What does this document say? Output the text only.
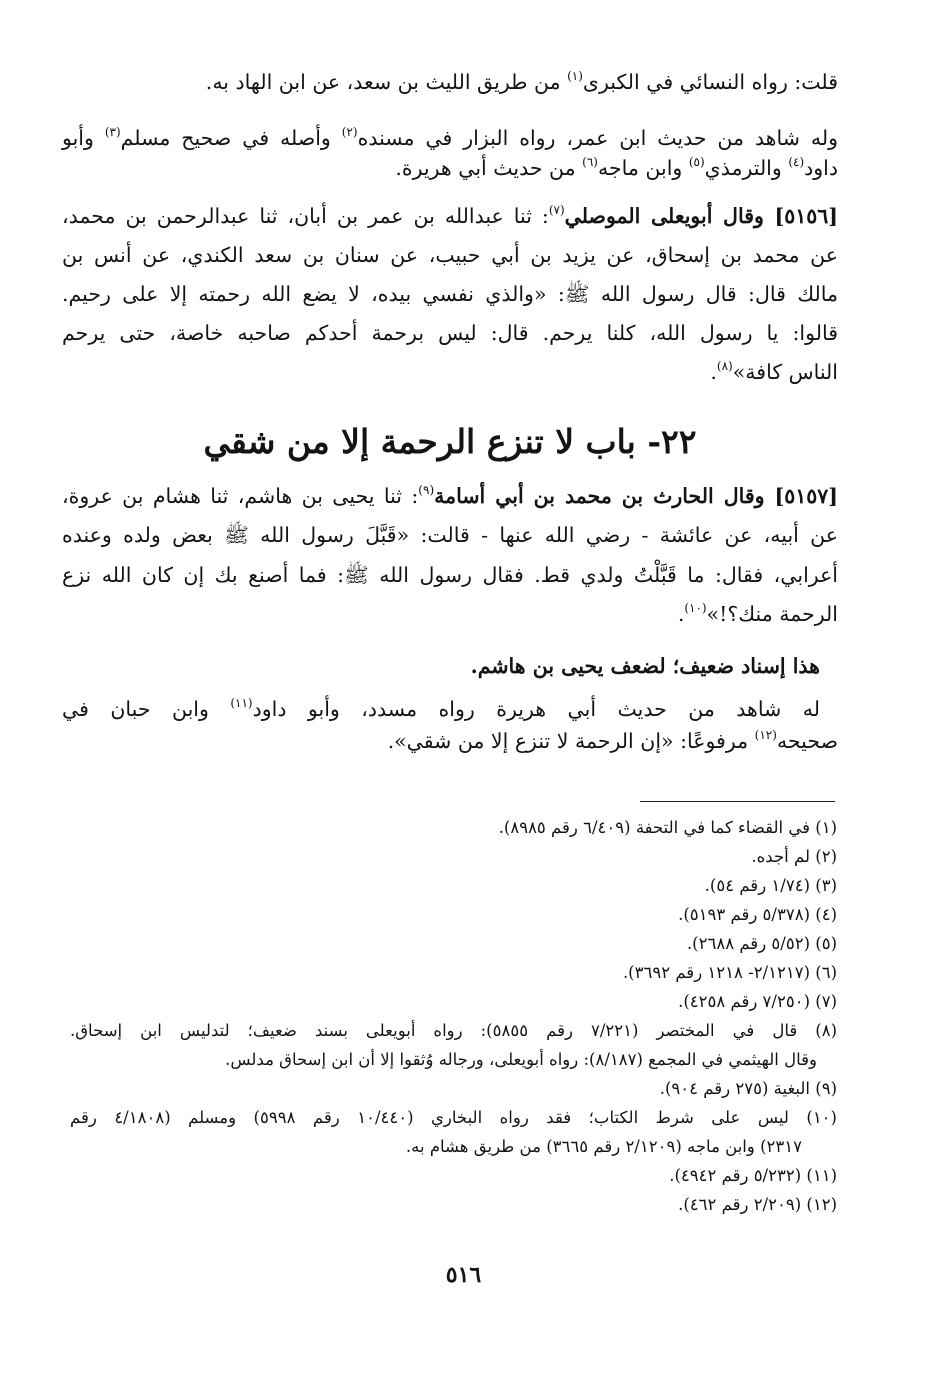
قلت: رواه النسائي في الكبرى$^{(١)}$ من طريق الليث بن سعد، عن ابن الهاد به.
وله شاهد من حديث ابن عمر، رواه البزار في مسنده$^{(٢)}$ وأصله في صحيح مسلم$^{(٣)}$ وأبو
داود$^{(٤)}$ والترمذي$^{(٥)}$ وابن ماجه$^{(٦)}$ من حديث أبي هريرة.
[٥١٥٦] وقال أبويعلى الموصلي$^{(٧)}$: ثنا عبدالله بن عمر بن أبان، ثنا عبدالرحمن بن محمد،
عن محمد بن إسحاق، عن يزيد بن أبي حبيب، عن سنان بن سعد الكندي، عن أنس بن
مالك قال: قال رسول الله ﷺ: «والذي نفسي بيده، لا يضع الله رحمته إلا على رحيم.
قالوا: يا رسول الله، كلنا يرحم. قال: ليس برحمة أحدكم صاحبه خاصة، حتى يرحم
الناس كافة»$^{(٨)}$.
٢٢- باب لا تنزع الرحمة إلا من شقي
[٥١٥٧] وقال الحارث بن محمد بن أبي أسامة$^{(٩)}$: ثنا يحيى بن هاشم، ثنا هشام بن عروة،
عن أبيه، عن عائشة - رضي الله عنها - قالت: «قَبَّلَ رسول الله ﷺ بعض ولده وعنده
أعرابي، فقال: ما قَبَّلْتُ ولدي قط. فقال رسول الله ﷺ: فما أصنع بك إن كان الله نزع
الرحمة منك؟!»$^{(١٠)}$.
هذا إسناد ضعيف؛ لضعف يحيى بن هاشم.
له شاهد من حديث أبي هريرة رواه مسدد، وأبو داود$^{(١١)}$ وابن حبان في
صحيحه$^{(١٢)}$ مرفوعًا: «إن الرحمة لا تنزع إلا من شقي».
(١) في القضاء كما في التحفة (٦/٤٠٩ رقم ٨٩٨٥).
(٢) لم أجده.
(٣) (١/٧٤ رقم ٥٤).
(٤) (٥/٣٧٨ رقم ٥١٩٣).
(٥) (٥/٥٢ رقم ٢٦٨٨).
(٦) (٢/١٢١٧- ١٢١٨ رقم ٣٦٩٢).
(٧) (٧/٢٥٠ رقم ٤٢٥٨).
(٨) قال في المختصر (٧/٢٢١ رقم ٥٨٥٥): رواه أبويعلى بسند ضعيف؛ لتدليس ابن إسحاق.
وقال الهيثمي في المجمع (٨/١٨٧): رواه أبويعلى، ورجاله وُثقوا إلا أن ابن إسحاق مدلس.
(٩) البغية (٢٧٥ رقم ٩٠٤).
(١٠) ليس على شرط الكتاب؛ فقد رواه البخاري (١٠/٤٤٠ رقم ٥٩٩٨) ومسلم (٤/١٨٠٨ رقم
٢٣١٧) وابن ماجه (٢/١٢٠٩ رقم ٣٦٦٥) من طريق هشام به.
(١١) (٥/٢٣٢ رقم ٤٩٤٢).
(١٢) (٢/٢٠٩ رقم ٤٦٢).
٥١٦
